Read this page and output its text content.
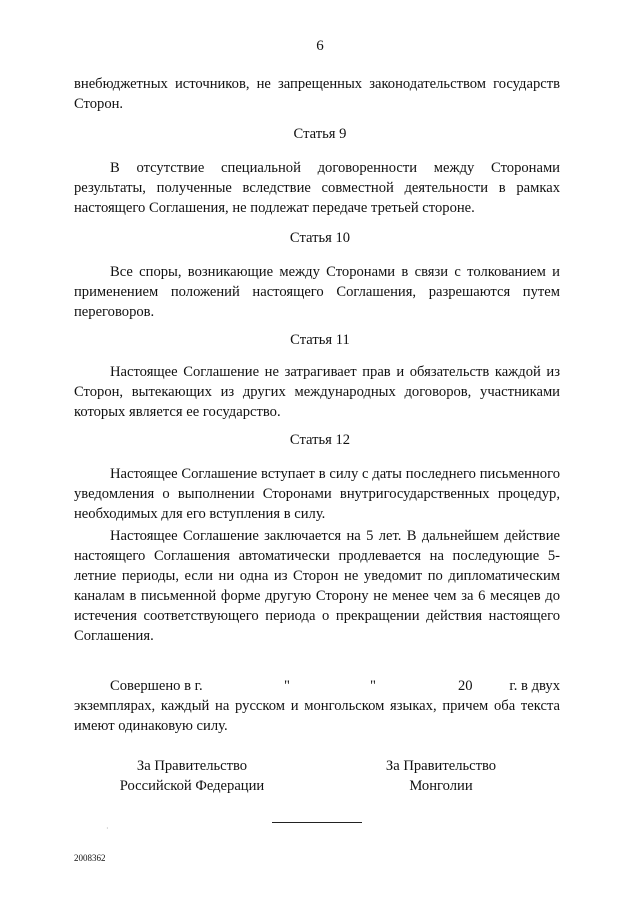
6

внебюджетных источников, не запрещенных законодательством государств Сторон.

Статья 9

В отсутствие специальной договоренности между Сторонами результаты, полученные вследствие совместной деятельности в рамках настоящего Соглашения, не подлежат передаче третьей стороне.

Статья 10

Все споры, возникающие между Сторонами в связи с толкованием и применением положений настоящего Соглашения, разрешаются путем переговоров.

Статья 11

Настоящее Соглашение не затрагивает прав и обязательств каждой из Сторон, вытекающих из других международных договоров, участниками которых является ее государство.

Статья 12

Настоящее Соглашение вступает в силу с даты последнего письменного уведомления о выполнении Сторонами внутригосударственных процедур, необходимых для его вступления в силу.

Настоящее Соглашение заключается на 5 лет. В дальнейшем действие настоящего Соглашения автоматически продлевается на последующие 5-летние периоды, если ни одна из Сторон не уведомит по дипломатическим каналам в письменной форме другую Сторону не менее чем за 6 месяцев до истечения соответствующего периода о прекращении действия настоящего Соглашения.

Совершено в г.	"	"	20	г. в двух

экземплярах, каждый на русском и монгольском языках, причем оба текста имеют одинаковую силу.

За Правительство
Российской Федерации
За Правительство
Монголии
·
2008362
